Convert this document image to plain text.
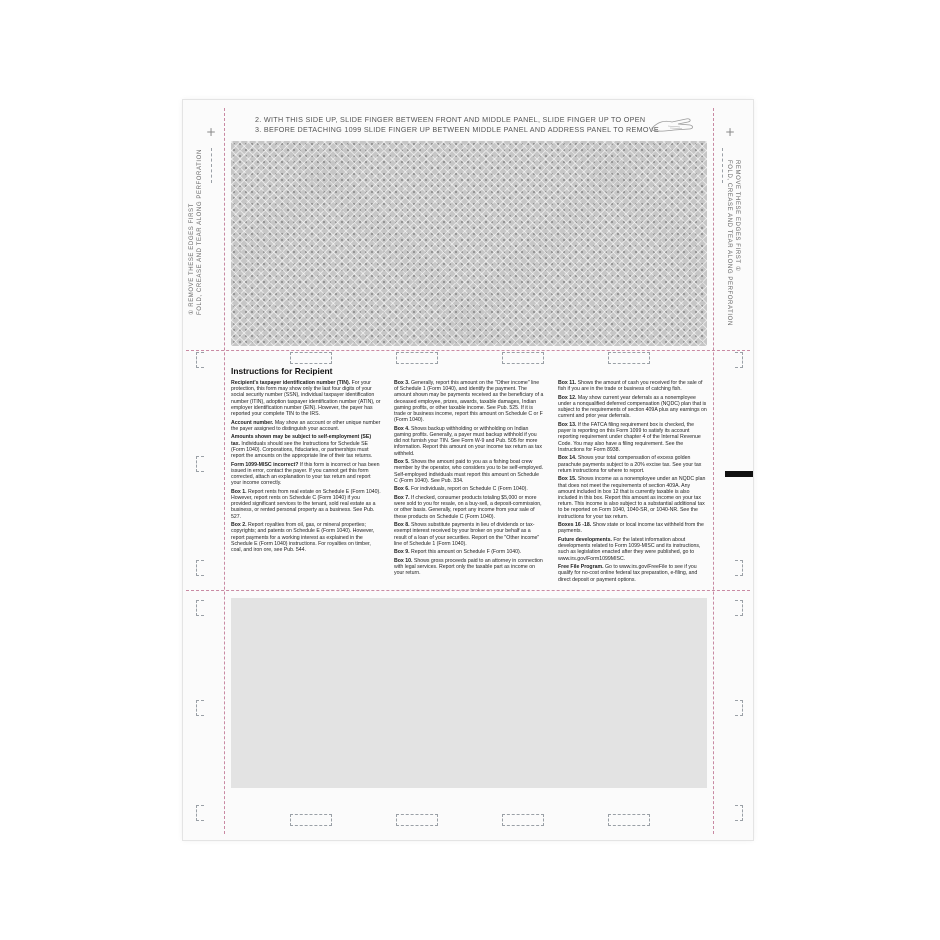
2. WITH THIS SIDE UP, SLIDE FINGER BETWEEN FRONT AND MIDDLE PANEL, SLIDE FINGER UP TO OPEN
3. BEFORE DETACHING 1099 SLIDE FINGER UP BETWEEN MIDDLE PANEL AND ADDRESS PANEL TO REMOVE
+	+
① REMOVE THESE EDGES FIRST FOLD, CREASE AND TEAR ALONG PERFORATION	REMOVE THESE EDGES FIRST ①
FOLD, CREASE AND TEAR ALONG PERFORATION
Instructions for Recipient

Recipient's taxpayer identification number (TIN). For your protection, this form may show only the last four digits of your social security number (SSN), individual taxpayer identification number (ITIN), adoption taxpayer identification number (ATIN), or employer identification number (EIN). However, the payer has reported your complete TIN to the IRS.

Account number. May show an account or other unique number the payer assigned to distinguish your account.

Amounts shown may be subject to self-employment (SE) tax. Individuals should see the Instructions for Schedule SE (Form 1040). Corporations, fiduciaries, or partnerships must report the amounts on the appropriate line of their tax returns.

Form 1099-MISC incorrect? If this form is incorrect or has been issued in error, contact the payer. If you cannot get this form corrected, attach an explanation to your tax return and report your income correctly.

Box 1. Report rents from real estate on Schedule E (Form 1040). However, report rents on Schedule C (Form 1040) if you provided significant services to the tenant, sold real estate as a business, or rented personal property as a business. See Pub. 527.

Box 2. Report royalties from oil, gas, or mineral properties; copyrights; and patents on Schedule E (Form 1040). However, report payments for a working interest as explained in the Schedule E (Form 1040) instructions. For royalties on timber, coal, and iron ore, see Pub. 544.

Box 3. Generally, report this amount on the "Other income" line of Schedule 1 (Form 1040), and identify the payment. The amount shown may be payments received as the beneficiary of a deceased employee, prizes, awards, taxable damages, Indian gaming profits, or other taxable income. See Pub. 525. If it is trade or business income, report this amount on Schedule C or F (Form 1040).

Box 4. Shows backup withholding or withholding on Indian gaming profits. Generally, a payer must backup withhold if you did not furnish your TIN. See Form W-9 and Pub. 505 for more information. Report this amount on your income tax return as tax withheld.

Box 5. Shows the amount paid to you as a fishing boat crew member by the operator, who considers you to be self-employed. Self-employed individuals must report this amount on Schedule C (Form 1040). See Pub. 334.

Box 6. For individuals, report on Schedule C (Form 1040).

Box 7. If checked, consumer products totaling $5,000 or more were sold to you for resale, on a buy-sell, a deposit-commission, or other basis. Generally, report any income from your sale of these products on Schedule C (Form 1040).

Box 8. Shows substitute payments in lieu of dividends or tax-exempt interest received by your broker on your behalf as a result of a loan of your securities. Report on the "Other income" line of Schedule 1 (Form 1040).

Box 9. Report this amount on Schedule F (Form 1040).

Box 10. Shows gross proceeds paid to an attorney in connection with legal services. Report only the taxable part as income on your return.

Box 11. Shows the amount of cash you received for the sale of fish if you are in the trade or business of catching fish.

Box 12. May show current year deferrals as a nonemployee under a nonqualified deferred compensation (NQDC) plan that is subject to the requirements of section 409A plus any earnings on current and prior year deferrals.

Box 13. If the FATCA filing requirement box is checked, the payer is reporting on this Form 1099 to satisfy its account reporting requirement under chapter 4 of the Internal Revenue Code. You may also have a filing requirement. See the Instructions for Form 8938.

Box 14. Shows your total compensation of excess golden parachute payments subject to a 20% excise tax. See your tax return instructions for where to report.

Box 15. Shows income as a nonemployee under an NQDC plan that does not meet the requirements of section 409A. Any amount included in box 12 that is currently taxable is also included in this box. Report this amount as income on your tax return. This income is also subject to a substantial additional tax to be reported on Form 1040, 1040-SR, or 1040-NR. See the instructions for your tax return.

Boxes 16 -18. Show state or local income tax withheld from the payments.

Future developments. For the latest information about developments related to Form 1099-MISC and its instructions, such as legislation enacted after they were published, go to www.irs.gov/Form1099MISC.

Free File Program. Go to www.irs.gov/FreeFile to see if you qualify for no-cost online federal tax preparation, e-filing, and direct deposit or payment options.
